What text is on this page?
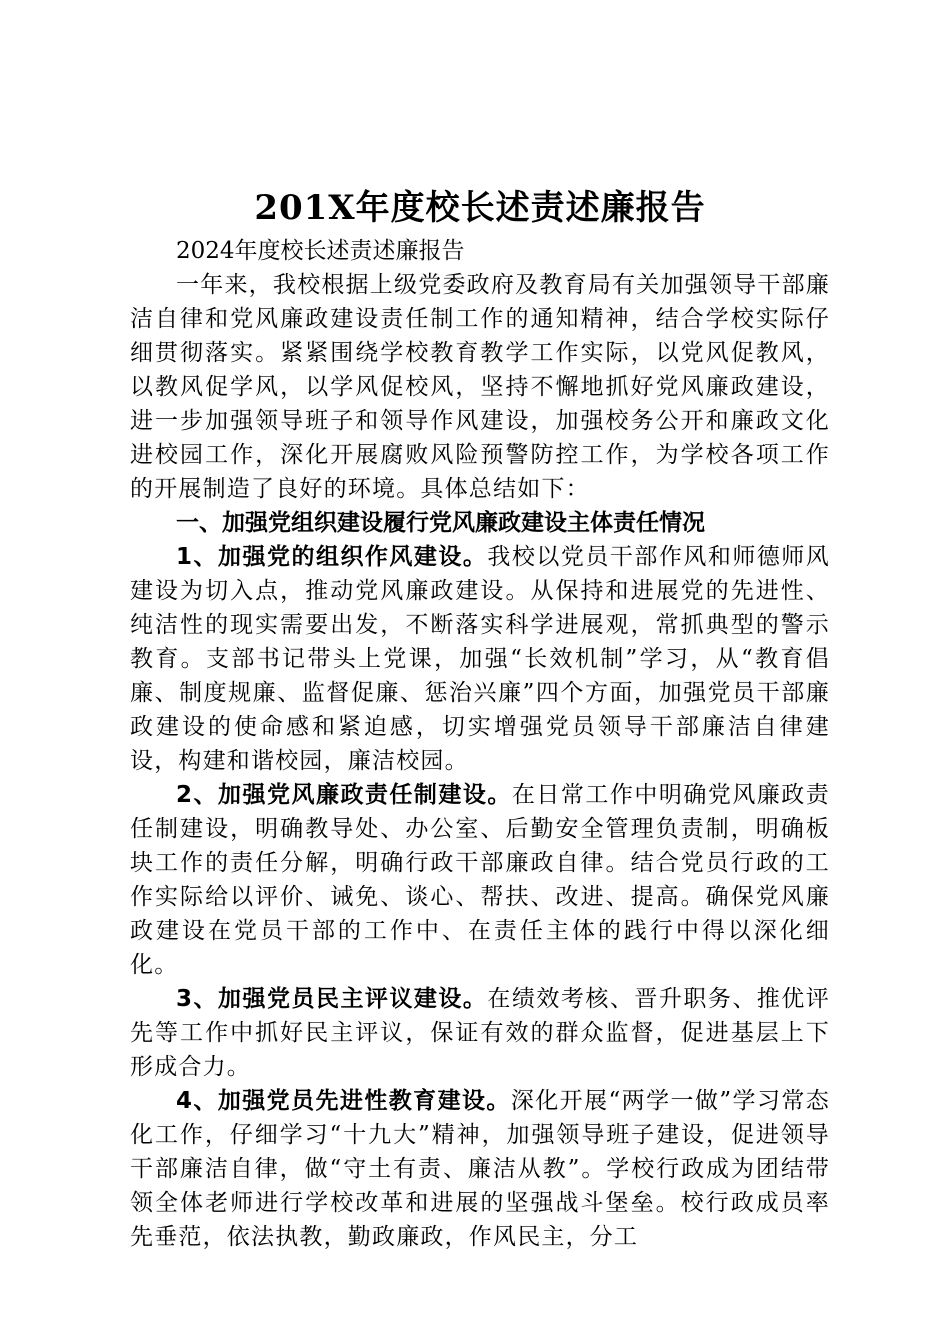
201X年度校长述责述廉报告

2024年度校长述责述廉报告

一年来，我校根据上级党委政府及教育局有关加强领导干部廉洁自律和党风廉政建设责任制工作的通知精神，结合学校实际仔细贯彻落实。紧紧围绕学校教育教学工作实际，以党风促教风，以教风促学风，以学风促校风，坚持不懈地抓好党风廉政建设，进一步加强领导班子和领导作风建设，加强校务公开和廉政文化进校园工作，深化开展腐败风险预警防控工作，为学校各项工作的开展制造了良好的环境。具体总结如下：

一、加强党组织建设履行党风廉政建设主体责任情况

1、加强党的组织作风建设。我校以党员干部作风和师德师风建设为切入点，推动党风廉政建设。从保持和进展党的先进性、纯洁性的现实需要出发，不断落实科学进展观，常抓典型的警示教育。支部书记带头上党课，加强“长效机制”学习，从“教育倡廉、制度规廉、监督促廉、惩治兴廉”四个方面，加强党员干部廉政建设的使命感和紧迫感，切实增强党员领导干部廉洁自律建设，构建和谐校园，廉洁校园。

2、加强党风廉政责任制建设。在日常工作中明确党风廉政责任制建设，明确教导处、办公室、后勤安全管理负责制，明确板块工作的责任分解，明确行政干部廉政自律。结合党员行政的工作实际给以评价、诫免、谈心、帮扶、改进、提高。确保党风廉政建设在党员干部的工作中、在责任主体的践行中得以深化细化。

3、加强党员民主评议建设。在绩效考核、晋升职务、推优评先等工作中抓好民主评议，保证有效的群众监督，促进基层上下形成合力。

4、加强党员先进性教育建设。深化开展“两学一做”学习常态化工作，仔细学习“十九大”精神，加强领导班子建设，促进领导干部廉洁自律，做“守土有责、廉洁从教”。学校行政成为团结带领全体老师进行学校改革和进展的坚强战斗堡垒。校行政成员率先垂范，依法执教，勤政廉政，作风民主，分工
